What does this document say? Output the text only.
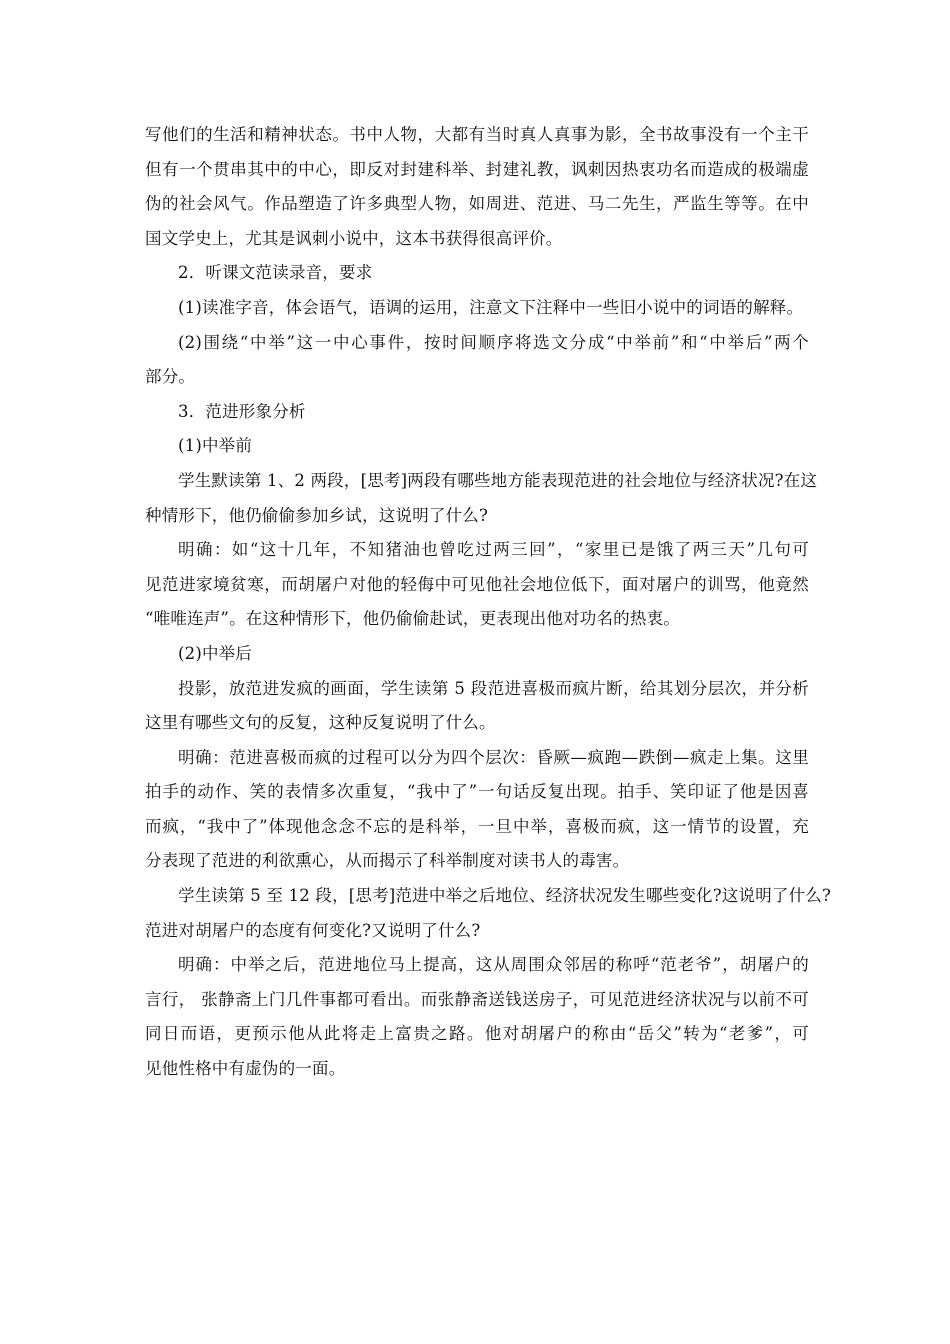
写他们的生活和精神状态。书中人物，大都有当时真人真事为影，全书故事没有一个主干
但有一个贯串其中的中心，即反对封建科举、封建礼教，讽刺因热衷功名而造成的极端虚
伪的社会风气。作品塑造了许多典型人物，如周进、范进、马二先生，严监生等等。在中
国文学史上，尤其是讽刺小说中，这本书获得很高评价。
2．听课文范读录音，要求
(1)读准字音，体会语气，语调的运用，注意文下注释中一些旧小说中的词语的解释。
(2)围绕“中举”这一中心事件，按时间顺序将选文分成“中举前”和“中举后”两个
部分。
3．范进形象分析
(1)中举前
学生默读第 1、2 两段，[思考]两段有哪些地方能表现范进的社会地位与经济状况?在这
种情形下，他仍偷偷参加乡试，这说明了什么?
明确：如“这十几年，不知猪油也曾吃过两三回”，“家里已是饿了两三天”几句可
见范进家境贫寒，而胡屠户对他的轻侮中可见他社会地位低下，面对屠户的训骂，他竟然
“唯唯连声”。在这种情形下，他仍偷偷赴试，更表现出他对功名的热衷。
(2)中举后
投影，放范进发疯的画面，学生读第 5 段范进喜极而疯片断，给其划分层次，并分析
这里有哪些文句的反复，这种反复说明了什么。
明确：范进喜极而疯的过程可以分为四个层次：昏厥—疯跑—跌倒—疯走上集。这里
拍手的动作、笑的表情多次重复，“我中了”一句话反复出现。拍手、笑印证了他是因喜
而疯，“我中了”体现他念念不忘的是科举，一旦中举，喜极而疯，这一情节的设置，充
分表现了范进的利欲熏心，从而揭示了科举制度对读书人的毒害。
学生读第 5 至 12 段，[思考]范进中举之后地位、经济状况发生哪些变化?这说明了什么?
范进对胡屠户的态度有何变化?又说明了什么?
明确：中举之后，范进地位马上提高，这从周围众邻居的称呼“范老爷”，胡屠户的
言行， 张静斋上门几件事都可看出。而张静斋送钱送房子，可见范进经济状况与以前不可
同日而语，更预示他从此将走上富贵之路。他对胡屠户的称由“岳父”转为“老爹”，可
见他性格中有虚伪的一面。
